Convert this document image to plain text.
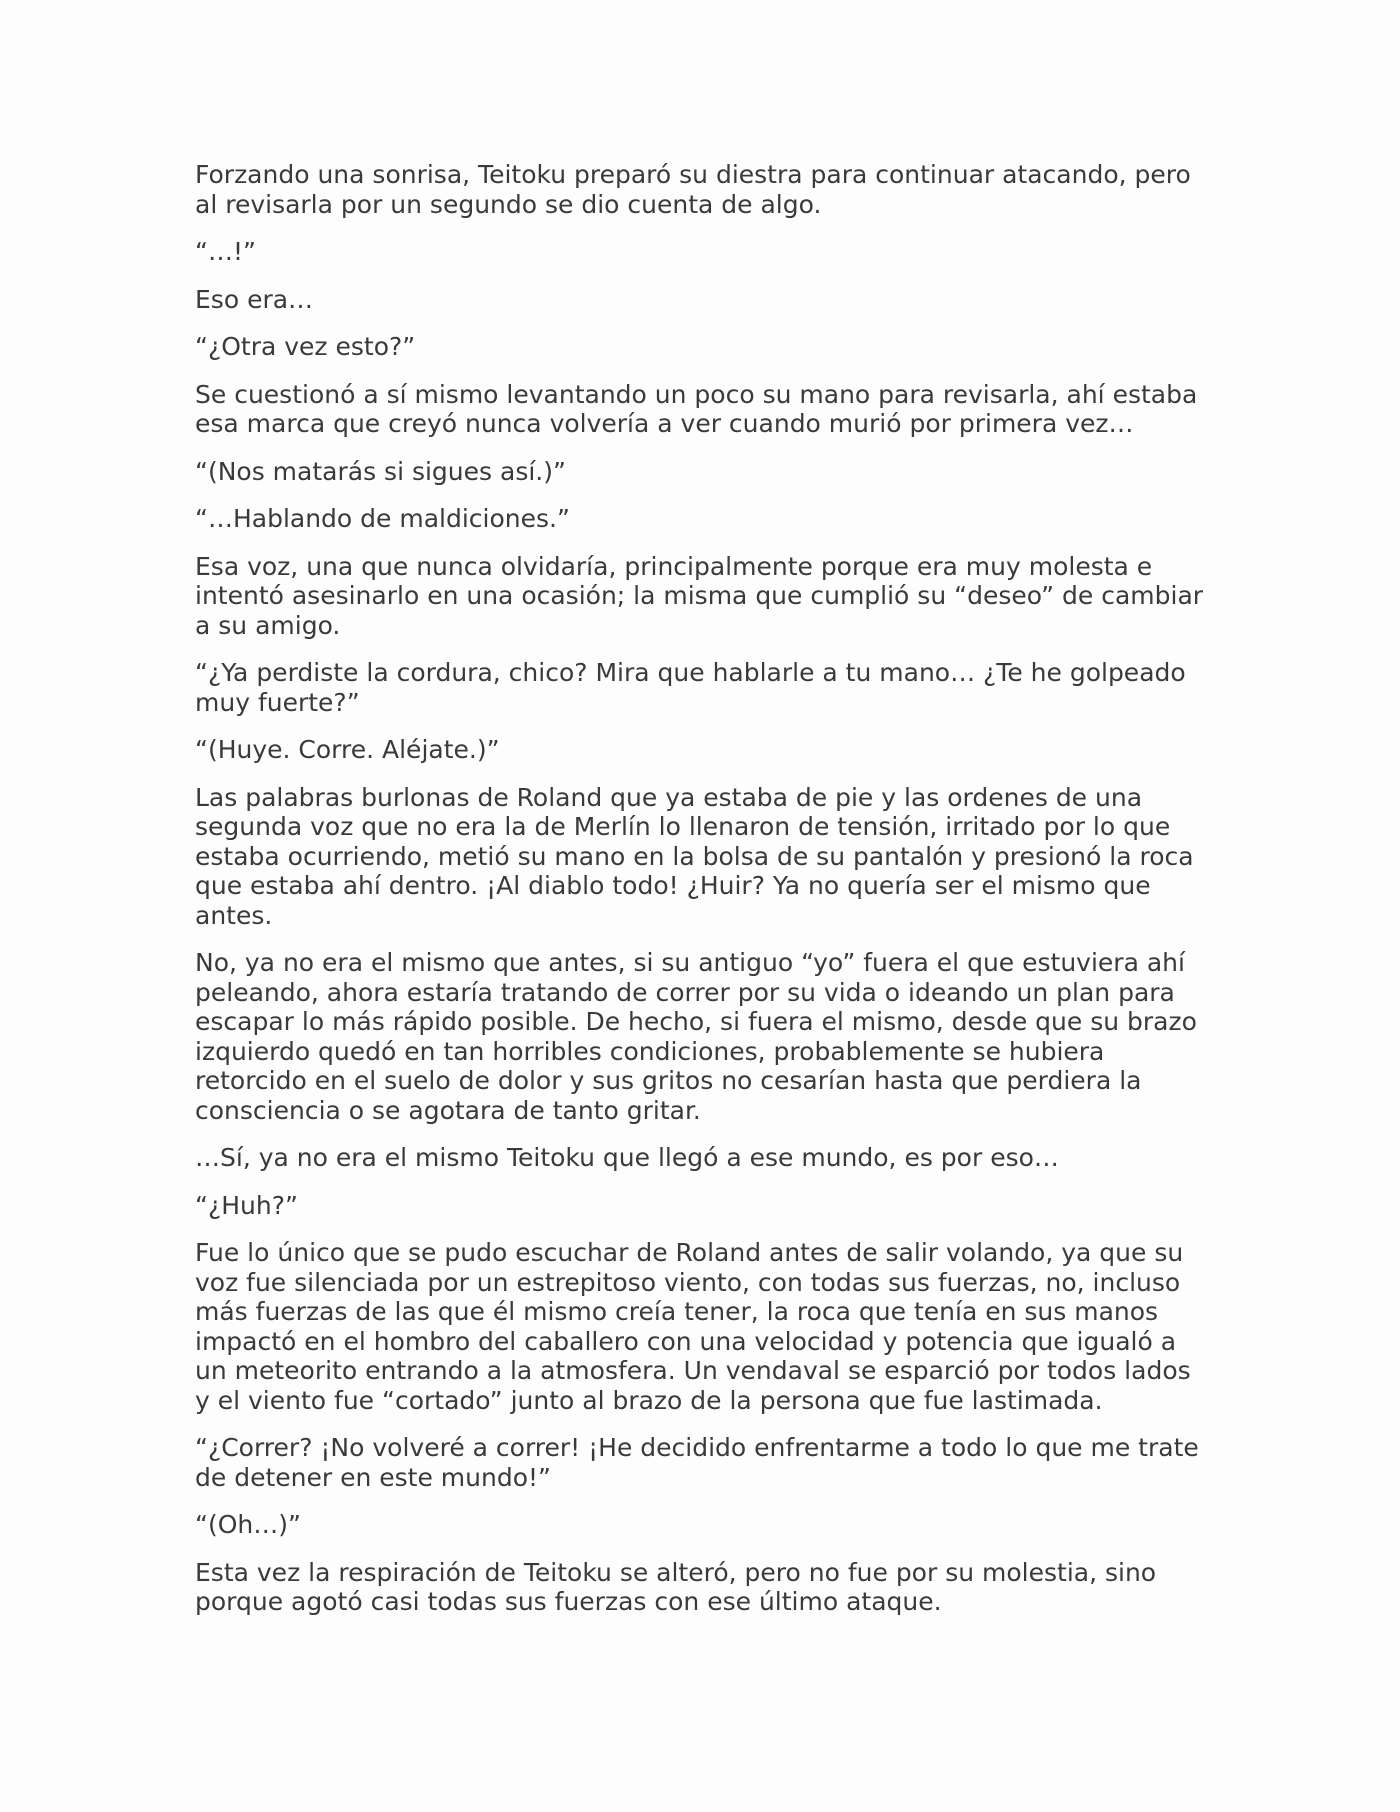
Forzando una sonrisa, Teitoku preparó su diestra para continuar atacando, pero al revisarla por un segundo se dio cuenta de algo.

“…!”

Eso era…

“¿Otra vez esto?”

Se cuestionó a sí mismo levantando un poco su mano para revisarla, ahí estaba esa marca que creyó nunca volvería a ver cuando murió por primera vez…

“(Nos matarás si sigues así.)”

“…Hablando de maldiciones.”

Esa voz, una que nunca olvidaría, principalmente porque era muy molesta e intentó asesinarlo en una ocasión; la misma que cumplió su “deseo” de cambiar a su amigo.

“¿Ya perdiste la cordura, chico? Mira que hablarle a tu mano… ¿Te he golpeado muy fuerte?”

“(Huye. Corre. Aléjate.)”

Las palabras burlonas de Roland que ya estaba de pie y las ordenes de una segunda voz que no era la de Merlín lo llenaron de tensión, irritado por lo que estaba ocurriendo, metió su mano en la bolsa de su pantalón y presionó la roca que estaba ahí dentro. ¡Al diablo todo! ¿Huir? Ya no quería ser el mismo que antes.

No, ya no era el mismo que antes, si su antiguo “yo” fuera el que estuviera ahí peleando, ahora estaría tratando de correr por su vida o ideando un plan para escapar lo más rápido posible. De hecho, si fuera el mismo, desde que su brazo izquierdo quedó en tan horribles condiciones, probablemente se hubiera retorcido en el suelo de dolor y sus gritos no cesarían hasta que perdiera la consciencia o se agotara de tanto gritar.

…Sí, ya no era el mismo Teitoku que llegó a ese mundo, es por eso…

“¿Huh?”

Fue lo único que se pudo escuchar de Roland antes de salir volando, ya que su voz fue silenciada por un estrepitoso viento, con todas sus fuerzas, no, incluso más fuerzas de las que él mismo creía tener, la roca que tenía en sus manos impactó en el hombro del caballero con una velocidad y potencia que igualó a un meteorito entrando a la atmosfera. Un vendaval se esparció por todos lados y el viento fue “cortado” junto al brazo de la persona que fue lastimada.

“¿Correr? ¡No volveré a correr! ¡He decidido enfrentarme a todo lo que me trate de detener en este mundo!”

“(Oh…)”

Esta vez la respiración de Teitoku se alteró, pero no fue por su molestia, sino porque agotó casi todas sus fuerzas con ese último ataque.
